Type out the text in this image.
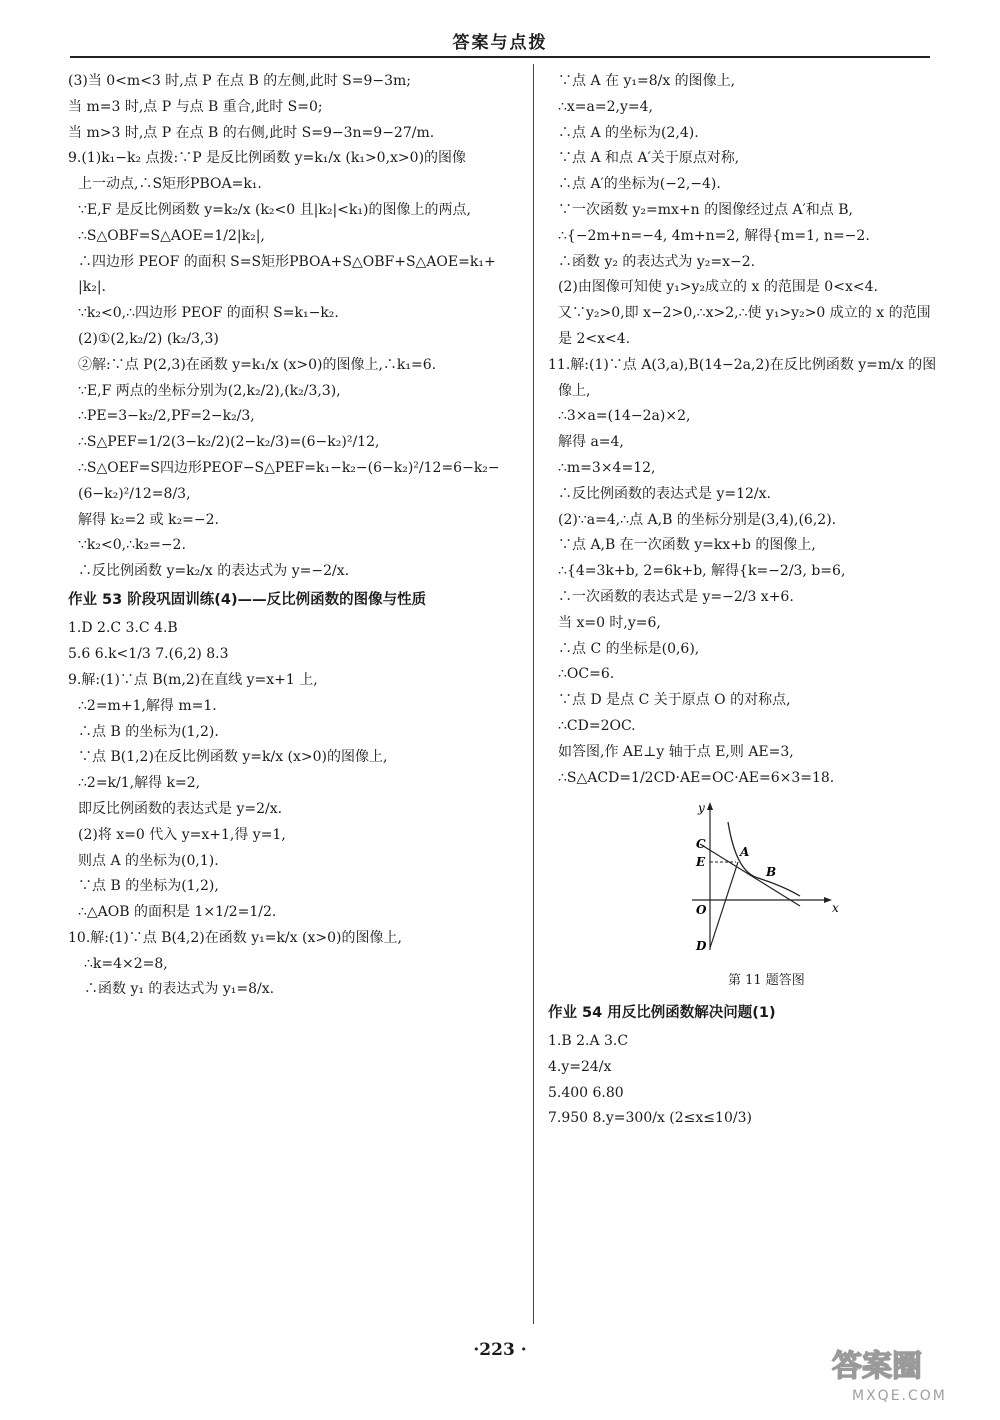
答案与点拨
(3)当 0<m<3 时,点 P 在点 B 的左侧,此时 S=9−3m;
当 m=3 时,点 P 与点 B 重合,此时 S=0;
当 m>3 时,点 P 在点 B 的右侧,此时 S=9−3n=9−27/m.
9.(1)k₁−k₂ 点拨:∵P 是反比例函数 y=k₁/x (k₁>0,x>0)的图像
上一动点,∴S矩形PBOA=k₁.
∵E,F 是反比例函数 y=k₂/x (k₂<0 且|k₂|<k₁)的图像上的两点,
∴S△OBF=S△AOE=1/2|k₂|,
∴四边形 PEOF 的面积 S=S矩形PBOA+S△OBF+S△AOE=k₁+
|k₂|.
∵k₂<0,∴四边形 PEOF 的面积 S=k₁−k₂.
(2)①(2,k₂/2) (k₂/3,3)
②解:∵点 P(2,3)在函数 y=k₁/x (x>0)的图像上,∴k₁=6.
∵E,F 两点的坐标分别为(2,k₂/2),(k₂/3,3),
∴PE=3−k₂/2,PF=2−k₂/3,
∴S△PEF=1/2(3−k₂/2)(2−k₂/3)=(6−k₂)²/12,
∴S△OEF=S四边形PEOF−S△PEF=k₁−k₂−(6−k₂)²/12=6−k₂−
(6−k₂)²/12=8/3,
解得 k₂=2 或 k₂=−2.
∵k₂<0,∴k₂=−2.
∴反比例函数 y=k₂/x 的表达式为 y=−2/x.
作业 53 阶段巩固训练(4)——反比例函数的图像与性质
1.D 2.C 3.C 4.B
5.6 6.k<1/3 7.(6,2) 8.3
9.解:(1)∵点 B(m,2)在直线 y=x+1 上,
∴2=m+1,解得 m=1.
∴点 B 的坐标为(1,2).
∵点 B(1,2)在反比例函数 y=k/x (x>0)的图像上,
∴2=k/1,解得 k=2,
即反比例函数的表达式是 y=2/x.
(2)将 x=0 代入 y=x+1,得 y=1,
则点 A 的坐标为(0,1).
∵点 B 的坐标为(1,2),
∴△AOB 的面积是 1×1/2=1/2.
10.解:(1)∵点 B(4,2)在函数 y₁=k/x (x>0)的图像上,
∴k=4×2=8,
∴函数 y₁ 的表达式为 y₁=8/x.
∵点 A 在 y₁=8/x 的图像上,
∴x=a=2,y=4,
∴点 A 的坐标为(2,4).
∵点 A 和点 A′关于原点对称,
∴点 A′的坐标为(−2,−4).
∵一次函数 y₂=mx+n 的图像经过点 A′和点 B,
∴{−2m+n=−4, 4m+n=2, 解得{m=1, n=−2.
∴函数 y₂ 的表达式为 y₂=x−2.
(2)由图像可知使 y₁>y₂成立的 x 的范围是 0<x<4.
又∵y₂>0,即 x−2>0,∴x>2,∴使 y₁>y₂>0 成立的 x 的范围
是 2<x<4.
11.解:(1)∵点 A(3,a),B(14−2a,2)在反比例函数 y=m/x 的图
像上,
∴3×a=(14−2a)×2,
解得 a=4,
∴m=3×4=12,
∴反比例函数的表达式是 y=12/x.
(2)∵a=4,∴点 A,B 的坐标分别是(3,4),(6,2).
∵点 A,B 在一次函数 y=kx+b 的图像上,
∴{4=3k+b, 2=6k+b, 解得{k=−2/3, b=6,
∴一次函数的表达式是 y=−2/3 x+6.
当 x=0 时,y=6,
∴点 C 的坐标是(0,6),
∴OC=6.
∵点 D 是点 C 关于原点 O 的对称点,
∴CD=2OC.
如答图,作 AE⊥y 轴于点 E,则 AE=3,
∴S△ACD=1/2CD·AE=OC·AE=6×3=18.
y
x
C
E
A
B
O
D
第 11 题答图
作业 54 用反比例函数解决问题(1)
1.B 2.A 3.C
4.y=24/x
5.400 6.80
7.950 8.y=300/x (2≤x≤10/3)
·223 ·	答案圈
MXQE.COM
